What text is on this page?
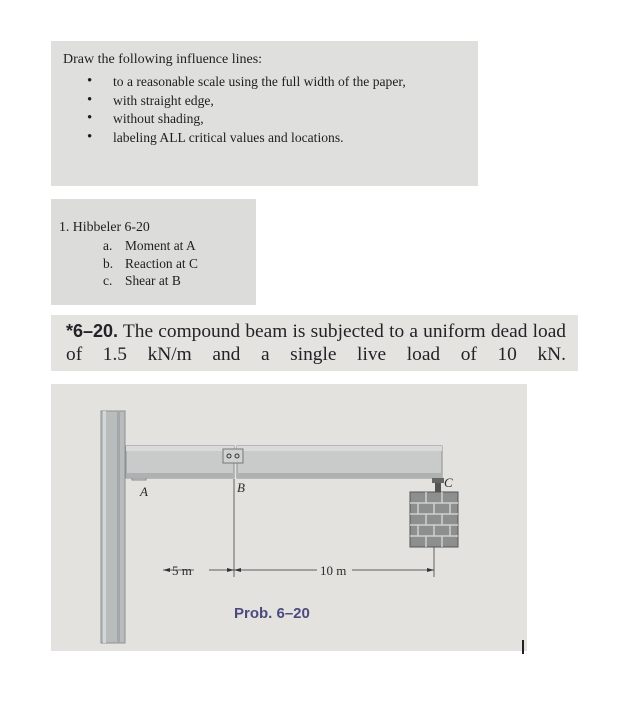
Draw the following influence lines:
• to a reasonable scale using the full width of the paper,
• with straight edge,
• without shading,
• labeling ALL critical values and locations.
1. Hibbeler 6-20
a. Moment at A
b. Reaction at C
c. Shear at B
*6–20. The compound beam is subjected to a uniform dead load of 1.5 kN/m and a single live load of 10 kN.
A	B	C
5 m	10 m
Prob. 6–20
